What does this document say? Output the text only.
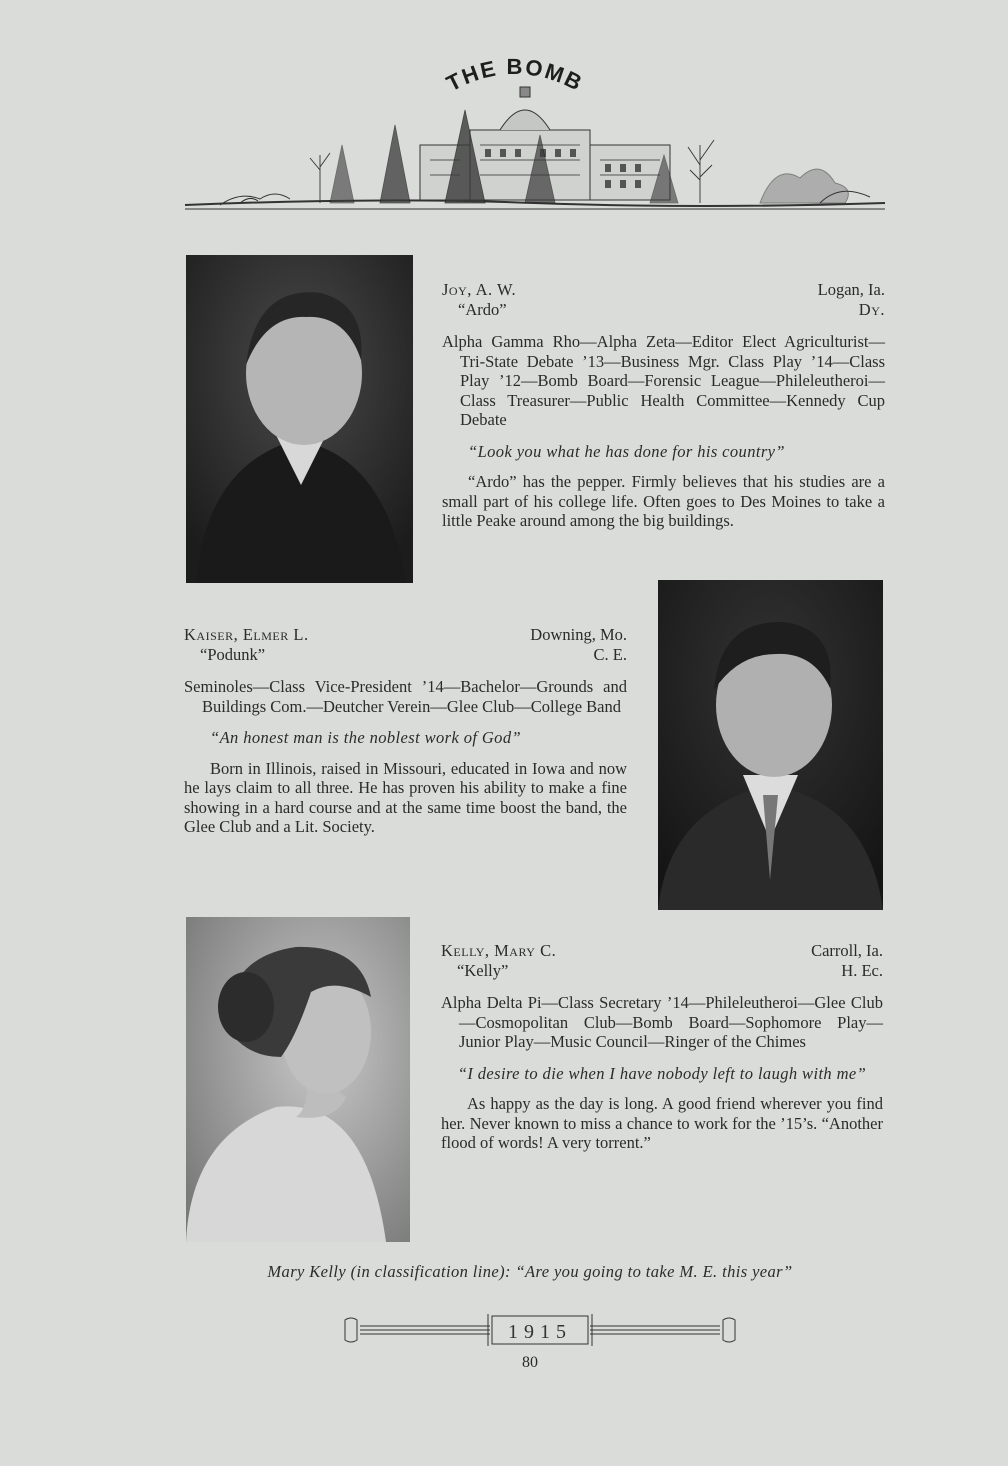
THE BOMB
Joy, A. W.	Logan, Ia.
“Ardo”	Dy.
Alpha Gamma Rho—Alpha Zeta—Editor Elect Agriculturist—Tri-State Debate ’13—Business Mgr. Class Play ’14—Class Play ’12—Bomb Board—Forensic League—Phileleutheroi—Class Treasurer—Public Health Committee—Kennedy Cup Debate
“Look you what he has done for his country”
“Ardo” has the pepper. Firmly believes that his studies are a small part of his college life. Often goes to Des Moines to take a little Peake around among the big buildings.
Kaiser, Elmer L.	Downing, Mo.
“Podunk”	C. E.
Seminoles—Class Vice-President ’14—Bachelor—Grounds and Buildings Com.—Deutcher Verein—Glee Club—College Band
“An honest man is the noblest work of God”
Born in Illinois, raised in Missouri, educated in Iowa and now he lays claim to all three. He has proven his ability to make a fine showing in a hard course and at the same time boost the band, the Glee Club and a Lit. Society.
Kelly, Mary C.	Carroll, Ia.
“Kelly”	H. Ec.
Alpha Delta Pi—Class Secretary ’14—Phileleutheroi—Glee Club—Cosmopolitan Club—Bomb Board—Sophomore Play—Junior Play—Music Council—Ringer of the Chimes
“I desire to die when I have nobody left to laugh with me”
As happy as the day is long. A good friend wherever you find her. Never known to miss a chance to work for the ’15’s. “Another flood of words! A very torrent.”
Mary Kelly (in classification line): “Are you going to take M. E. this year”
1915
80
